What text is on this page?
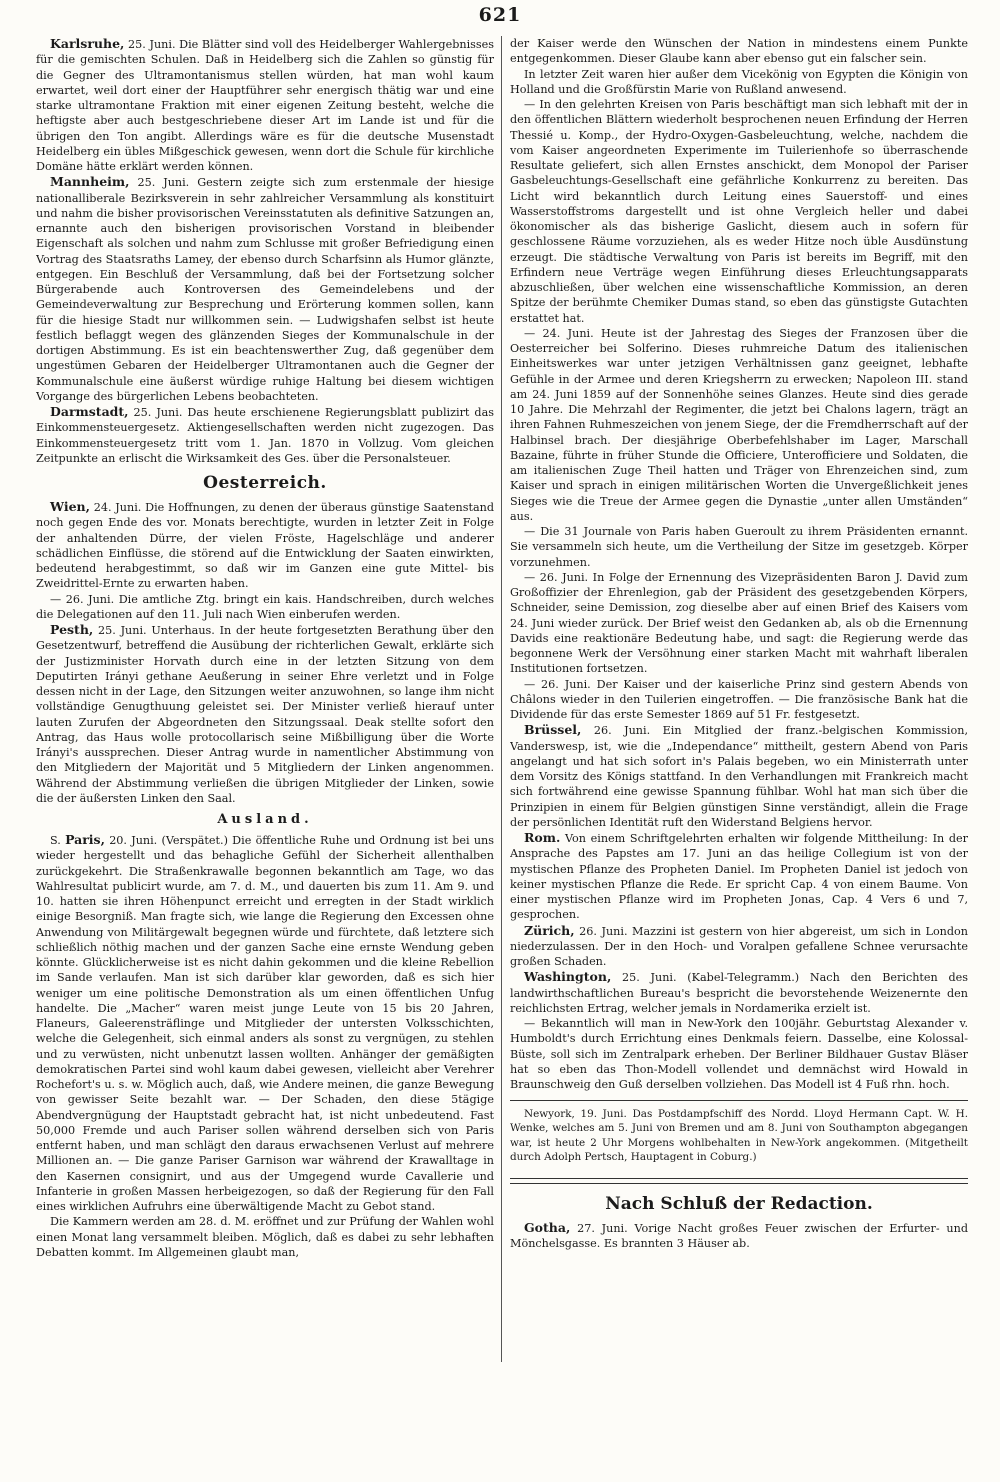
621

Karlsruhe, 25. Juni. Die Blätter sind voll des Heidelberger Wahlergebnisses für die gemischten Schulen. Daß in Heidelberg sich die Zahlen so günstig für die Gegner des Ultramontanismus stellen würden, hat man wohl kaum erwartet, weil dort einer der Hauptführer sehr energisch thätig war und eine starke ultramontane Fraktion mit einer eigenen Zeitung besteht, welche die heftigste aber auch bestgeschriebene dieser Art im Lande ist und für die übrigen den Ton angibt. Allerdings wäre es für die deutsche Musenstadt Heidelberg ein übles Mißgeschick gewesen, wenn dort die Schule für kirchliche Domäne hätte erklärt werden können.

Mannheim, 25. Juni. Gestern zeigte sich zum erstenmale der hiesige nationalliberale Bezirksverein in sehr zahlreicher Versammlung als konstituirt und nahm die bisher provisorischen Vereinsstatuten als definitive Satzungen an, ernannte auch den bisherigen provisorischen Vorstand in bleibender Eigenschaft als solchen und nahm zum Schlusse mit großer Befriedigung einen Vortrag des Staatsraths Lamey, der ebenso durch Scharfsinn als Humor glänzte, entgegen. Ein Beschluß der Versammlung, daß bei der Fortsetzung solcher Bürgerabende auch Kontroversen des Gemeindelebens und der Gemeindeverwaltung zur Besprechung und Erörterung kommen sollen, kann für die hiesige Stadt nur willkommen sein. — Ludwigshafen selbst ist heute festlich beflaggt wegen des glänzenden Sieges der Kommunalschule in der dortigen Abstimmung. Es ist ein beachtenswerther Zug, daß gegenüber dem ungestümen Gebaren der Heidelberger Ultramontanen auch die Gegner der Kommunalschule eine äußerst würdige ruhige Haltung bei diesem wichtigen Vorgange des bürgerlichen Lebens beobachteten.

Darmstadt, 25. Juni. Das heute erschienene Regierungsblatt publizirt das Einkommensteuergesetz. Aktiengesellschaften werden nicht zugezogen. Das Einkommensteuergesetz tritt vom 1. Jan. 1870 in Vollzug. Vom gleichen Zeitpunkte an erlischt die Wirksamkeit des Ges. über die Personalsteuer.

Oesterreich.

Wien, 24. Juni. Die Hoffnungen, zu denen der überaus günstige Saatenstand noch gegen Ende des vor. Monats berechtigte, wurden in letzter Zeit in Folge der anhaltenden Dürre, der vielen Fröste, Hagelschläge und anderer schädlichen Einflüsse, die störend auf die Entwicklung der Saaten einwirkten, bedeutend herabgestimmt, so daß wir im Ganzen eine gute Mittel- bis Zweidrittel-Ernte zu erwarten haben.

— 26. Juni. Die amtliche Ztg. bringt ein kais. Handschreiben, durch welches die Delegationen auf den 11. Juli nach Wien einberufen werden.

Pesth, 25. Juni. Unterhaus. In der heute fortgesetzten Berathung über den Gesetzentwurf, betreffend die Ausübung der richterlichen Gewalt, erklärte sich der Justizminister Horvath durch eine in der letzten Sitzung von dem Deputirten Irányi gethane Aeußerung in seiner Ehre verletzt und in Folge dessen nicht in der Lage, den Sitzungen weiter anzuwohnen, so lange ihm nicht vollständige Genugthuung geleistet sei. Der Minister verließ hierauf unter lauten Zurufen der Abgeordneten den Sitzungssaal. Deak stellte sofort den Antrag, das Haus wolle protocollarisch seine Mißbilligung über die Worte Irányi's aussprechen. Dieser Antrag wurde in namentlicher Abstimmung von den Mitgliedern der Majorität und 5 Mitgliedern der Linken angenommen. Während der Abstimmung verließen die übrigen Mitglieder der Linken, sowie die der äußersten Linken den Saal.

Ausland.

S. Paris, 20. Juni. (Verspätet.) Die öffentliche Ruhe und Ordnung ist bei uns wieder hergestellt und das behagliche Gefühl der Sicherheit allenthalben zurückgekehrt. Die Straßenkrawalle begonnen bekanntlich am Tage, wo das Wahlresultat publicirt wurde, am 7. d. M., und dauerten bis zum 11. Am 9. und 10. hatten sie ihren Höhenpunct erreicht und erregten in der Stadt wirklich einige Besorgniß. Man fragte sich, wie lange die Regierung den Excessen ohne Anwendung von Militärgewalt begegnen würde und fürchtete, daß letztere sich schließlich nöthig machen und der ganzen Sache eine ernste Wendung geben könnte. Glücklicherweise ist es nicht dahin gekommen und die kleine Rebellion im Sande verlaufen. Man ist sich darüber klar geworden, daß es sich hier weniger um eine politische Demonstration als um einen öffentlichen Unfug handelte. Die „Macher“ waren meist junge Leute von 15 bis 20 Jahren, Flaneurs, Galeerensträflinge und Mitglieder der untersten Volksschichten, welche die Gelegenheit, sich einmal anders als sonst zu vergnügen, zu stehlen und zu verwüsten, nicht unbenutzt lassen wollten. Anhänger der gemäßigten demokratischen Partei sind wohl kaum dabei gewesen, vielleicht aber Verehrer Rochefort's u. s. w. Möglich auch, daß, wie Andere meinen, die ganze Bewegung von gewisser Seite bezahlt war. — Der Schaden, den diese 5tägige Abendvergnügung der Hauptstadt gebracht hat, ist nicht unbedeutend. Fast 50,000 Fremde und auch Pariser sollen während derselben sich von Paris entfernt haben, und man schlägt den daraus erwachsenen Verlust auf mehrere Millionen an. — Die ganze Pariser Garnison war während der Krawalltage in den Kasernen consignirt, und aus der Umgegend wurde Cavallerie und Infanterie in großen Massen herbeigezogen, so daß der Regierung für den Fall eines wirklichen Aufruhrs eine überwältigende Macht zu Gebot stand.

Die Kammern werden am 28. d. M. eröffnet und zur Prüfung der Wahlen wohl einen Monat lang versammelt bleiben. Möglich, daß es dabei zu sehr lebhaften Debatten kommt. Im Allgemeinen glaubt man,

der Kaiser werde den Wünschen der Nation in mindestens einem Punkte entgegenkommen. Dieser Glaube kann aber ebenso gut ein falscher sein.

In letzter Zeit waren hier außer dem Vicekönig von Egypten die Königin von Holland und die Großfürstin Marie von Rußland anwesend.

— In den gelehrten Kreisen von Paris beschäftigt man sich lebhaft mit der in den öffentlichen Blättern wiederholt besprochenen neuen Erfindung der Herren Thessié u. Komp., der Hydro-Oxygen-Gasbeleuchtung, welche, nachdem die vom Kaiser angeordneten Experimente im Tuilerienhofe so überraschende Resultate geliefert, sich allen Ernstes anschickt, dem Monopol der Pariser Gasbeleuchtungs-Gesellschaft eine gefährliche Konkurrenz zu bereiten. Das Licht wird bekanntlich durch Leitung eines Sauerstoff- und eines Wasserstoffstroms dargestellt und ist ohne Vergleich heller und dabei ökonomischer als das bisherige Gaslicht, diesem auch in sofern für geschlossene Räume vorzuziehen, als es weder Hitze noch üble Ausdünstung erzeugt. Die städtische Verwaltung von Paris ist bereits im Begriff, mit den Erfindern neue Verträge wegen Einführung dieses Erleuchtungsapparats abzuschließen, über welchen eine wissenschaftliche Kommission, an deren Spitze der berühmte Chemiker Dumas stand, so eben das günstigste Gutachten erstattet hat.

— 24. Juni. Heute ist der Jahrestag des Sieges der Franzosen über die Oesterreicher bei Solferino. Dieses ruhmreiche Datum des italienischen Einheitswerkes war unter jetzigen Verhältnissen ganz geeignet, lebhafte Gefühle in der Armee und deren Kriegsherrn zu erwecken; Napoleon III. stand am 24. Juni 1859 auf der Sonnenhöhe seines Glanzes. Heute sind dies gerade 10 Jahre. Die Mehrzahl der Regimenter, die jetzt bei Chalons lagern, trägt an ihren Fahnen Ruhmeszeichen von jenem Siege, der die Fremdherrschaft auf der Halbinsel brach. Der diesjährige Oberbefehlshaber im Lager, Marschall Bazaine, führte in früher Stunde die Officiere, Unterofficiere und Soldaten, die am italienischen Zuge Theil hatten und Träger von Ehrenzeichen sind, zum Kaiser und sprach in einigen militärischen Worten die Unvergeßlichkeit jenes Sieges wie die Treue der Armee gegen die Dynastie „unter allen Umständen“ aus.

— Die 31 Journale von Paris haben Gueroult zu ihrem Präsidenten ernannt. Sie versammeln sich heute, um die Vertheilung der Sitze im gesetzgeb. Körper vorzunehmen.

— 26. Juni. In Folge der Ernennung des Vizepräsidenten Baron J. David zum Großoffizier der Ehrenlegion, gab der Präsident des gesetzgebenden Körpers, Schneider, seine Demission, zog dieselbe aber auf einen Brief des Kaisers vom 24. Juni wieder zurück. Der Brief weist den Gedanken ab, als ob die Ernennung Davids eine reaktionäre Bedeutung habe, und sagt: die Regierung werde das begonnene Werk der Versöhnung einer starken Macht mit wahrhaft liberalen Institutionen fortsetzen.

— 26. Juni. Der Kaiser und der kaiserliche Prinz sind gestern Abends von Châlons wieder in den Tuilerien eingetroffen. — Die französische Bank hat die Dividende für das erste Semester 1869 auf 51 Fr. festgesetzt.

Brüssel, 26. Juni. Ein Mitglied der franz.-belgischen Kommission, Vanderswesp, ist, wie die „Independance“ mittheilt, gestern Abend von Paris angelangt und hat sich sofort in's Palais begeben, wo ein Ministerrath unter dem Vorsitz des Königs stattfand. In den Verhandlungen mit Frankreich macht sich fortwährend eine gewisse Spannung fühlbar. Wohl hat man sich über die Prinzipien in einem für Belgien günstigen Sinne verständigt, allein die Frage der persönlichen Identität ruft den Widerstand Belgiens hervor.

Rom. Von einem Schriftgelehrten erhalten wir folgende Mittheilung: In der Ansprache des Papstes am 17. Juni an das heilige Collegium ist von der mystischen Pflanze des Propheten Daniel. Im Propheten Daniel ist jedoch von keiner mystischen Pflanze die Rede. Er spricht Cap. 4 von einem Baume. Von einer mystischen Pflanze wird im Propheten Jonas, Cap. 4 Vers 6 und 7, gesprochen.

Zürich, 26. Juni. Mazzini ist gestern von hier abgereist, um sich in London niederzulassen. Der in den Hoch- und Voralpen gefallene Schnee verursachte großen Schaden.

Washington, 25. Juni. (Kabel-Telegramm.) Nach den Berichten des landwirthschaftlichen Bureau's bespricht die bevorstehende Weizenernte den reichlichsten Ertrag, welcher jemals in Nordamerika erzielt ist.

— Bekanntlich will man in New-York den 100jähr. Geburtstag Alexander v. Humboldt's durch Errichtung eines Denkmals feiern. Dasselbe, eine Kolossal-Büste, soll sich im Zentralpark erheben. Der Berliner Bildhauer Gustav Bläser hat so eben das Thon-Modell vollendet und demnächst wird Howald in Braunschweig den Guß derselben vollziehen. Das Modell ist 4 Fuß rhn. hoch.

Newyork, 19. Juni. Das Postdampfschiff des Nordd. Lloyd Hermann Capt. W. H. Wenke, welches am 5. Juni von Bremen und am 8. Juni von Southampton abgegangen war, ist heute 2 Uhr Morgens wohlbehalten in New-York angekommen. (Mitgetheilt durch Adolph Pertsch, Hauptagent in Coburg.)

Nach Schluß der Redaction.

Gotha, 27. Juni. Vorige Nacht großes Feuer zwischen der Erfurter- und Mönchelsgasse. Es brannten 3 Häuser ab.
